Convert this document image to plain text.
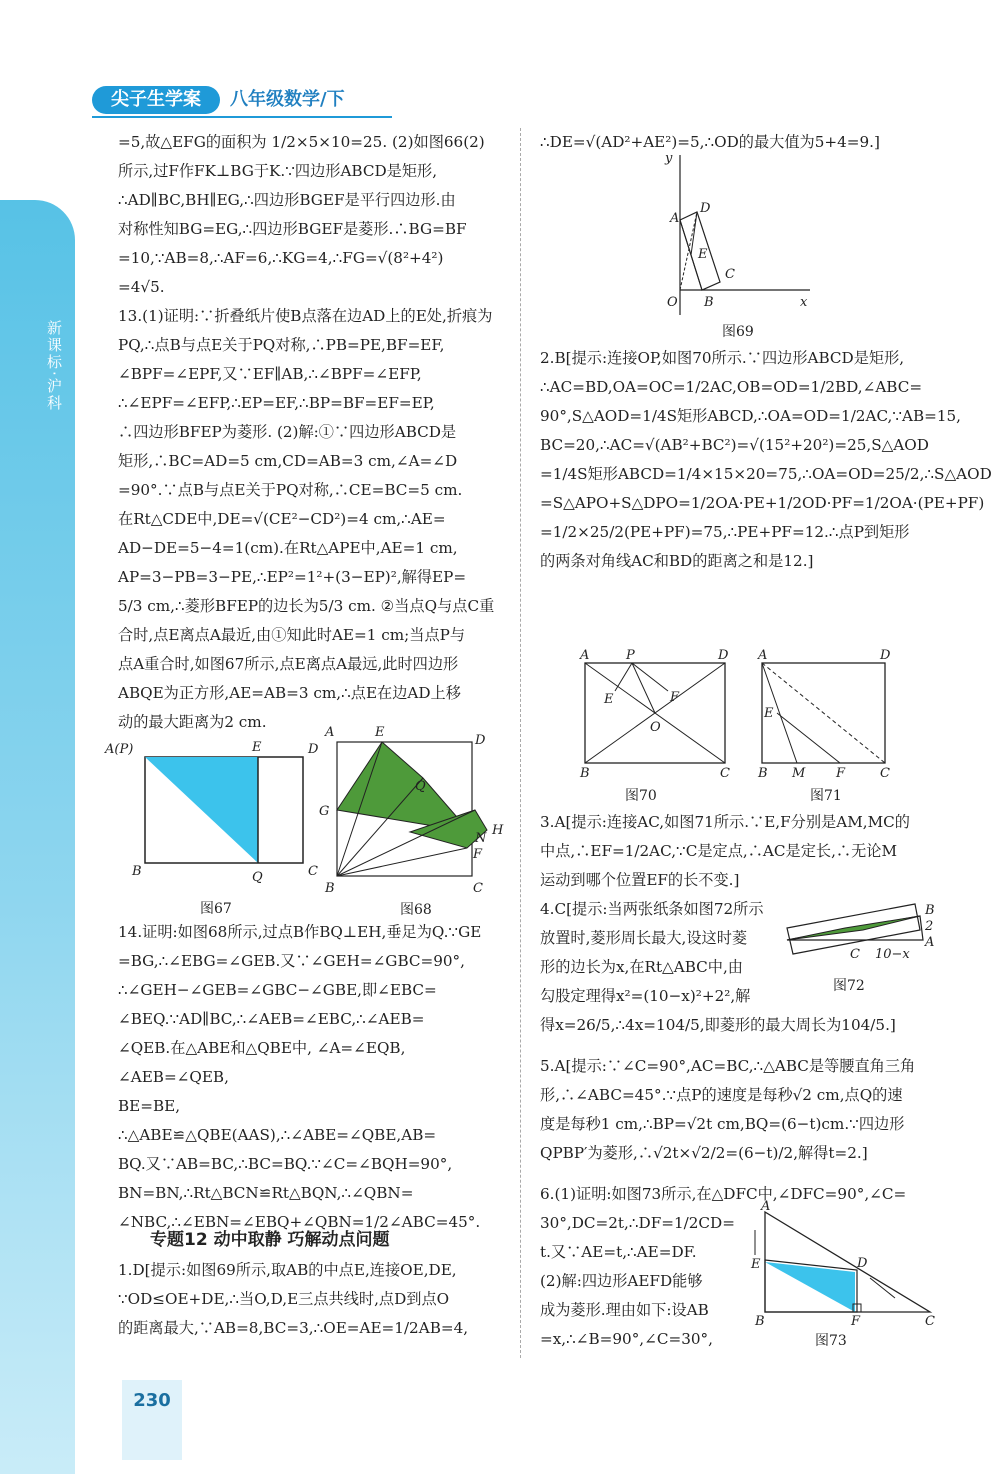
新课标·沪科
尖子生学案	八年级数学/下

=5,故△EFG的面积为 1/2×5×10=25. (2)如图66(2)

所示,过F作FK⊥BG于K.∵四边形ABCD是矩形,

∴AD∥BC,BH∥EG,∴四边形BGEF是平行四边形.由

对称性知BG=EG,∴四边形BGEF是菱形.∴BG=BF

=10,∵AB=8,∴AF=6,∴KG=4,∴FG=√(8²+4²)

=4√5.

13.(1)证明:∵折叠纸片使B点落在边AD上的E处,折痕为

PQ,∴点B与点E关于PQ对称,∴PB=PE,BF=EF,

∠BPF=∠EPF,又∵EF∥AB,∴∠BPF=∠EFP,

∴∠EPF=∠EFP,∴EP=EF,∴BP=BF=EF=EP,

∴四边形BFEP为菱形. (2)解:①∵四边形ABCD是

矩形,∴BC=AD=5 cm,CD=AB=3 cm,∠A=∠D

=90°.∵点B与点E关于PQ对称,∴CE=BC=5 cm.

在Rt△CDE中,DE=√(CE²−CD²)=4 cm,∴AE=

AD−DE=5−4=1(cm).在Rt△APE中,AE=1 cm,

AP=3−PB=3−PE,∴EP²=1²+(3−EP)²,解得EP=

5/3 cm,∴菱形BFEP的边长为5/3 cm. ②当点Q与点C重

合时,点E离点A最近,由①知此时AE=1 cm;当点P与

点A重合时,如图67所示,点E离点A最远,此时四边形

ABQE为正方形,AE=AB=3 cm,∴点E在边AD上移

动的最大距离为2 cm.

A(P)	E	D
B	Q	C
图67
A	E
D
Q
G
N
H
F
B	C
图68

14.证明:如图68所示,过点B作BQ⊥EH,垂足为Q.∵GE

=BG,∴∠EBG=∠GEB.又∵∠GEH=∠GBC=90°,

∴∠GEH−∠GEB=∠GBC−∠GBE,即∠EBC=

∠BEQ.∵AD∥BC,∴∠AEB=∠EBC,∴∠AEB=

∠QEB.在△ABE和△QBE中, ∠A=∠EQB,

∠AEB=∠QEB,

BE=BE,

∴△ABE≌△QBE(AAS),∴∠ABE=∠QBE,AB=

BQ.又∵AB=BC,∴BC=BQ.∵∠C=∠BQH=90°,

BN=BN,∴Rt△BCN≌Rt△BQN,∴∠QBN=

∠NBC,∴∠EBN=∠EBQ+∠QBN=1/2∠ABC=45°.

专题12 动中取静 巧解动点问题

1.D[提示:如图69所示,取AB的中点E,连接OE,DE,

∵OD≤OE+DE,∴当O,D,E三点共线时,点D到点O

的距离最大,∵AB=8,BC=3,∴OE=AE=1/2AB=4,

∴DE=√(AD²+AE²)=5,∴OD的最大值为5+4=9.]

y
A
D
E
C
O B	x
图69

2.B[提示:连接OP,如图70所示.∵四边形ABCD是矩形,

∴AC=BD,OA=OC=1/2AC,OB=OD=1/2BD,∠ABC=

90°,S△AOD=1/4S矩形ABCD,∴OA=OD=1/2AC,∵AB=15,

BC=20,∴AC=√(AB²+BC²)=√(15²+20²)=25,S△AOD

=1/4S矩形ABCD=1/4×15×20=75,∴OA=OD=25/2,∴S△AOD

=S△APO+S△DPO=1/2OA·PE+1/2OD·PF=1/2OA·(PE+PF)

=1/2×25/2(PE+PF)=75,∴PE+PF=12.∴点P到矩形

的两条对角线AC和BD的距离之和是12.]

A	P	D
E	F
O
B	C
图70
A	D
E
B M F	C
图71

3.A[提示:连接AC,如图71所示.∵E,F分别是AM,MC的

中点,∴EF=1/2AC,∵C是定点,∴AC是定长,∴无论M

运动到哪个位置EF的长不变.]

4.C[提示:当两张纸条如图72所示

放置时,菱形周长最大,设这时菱

形的边长为x,在Rt△ABC中,由

勾股定理得x²=(10−x)²+2²,解

得x=26/5,∴4x=104/5,即菱形的最大周长为104/5.]

B
2
A
C 10−x
图72

5.A[提示:∵∠C=90°,AC=BC,∴△ABC是等腰直角三角

形,∴∠ABC=45°.∵点P的速度是每秒√2 cm,点Q的速

度是每秒1 cm,∴BP=√2t cm,BQ=(6−t)cm.∵四边形

QPBP′为菱形,∴√2t×√2/2=(6−t)/2,解得t=2.]

6.(1)证明:如图73所示,在△DFC中,∠DFC=90°,∠C=

30°,DC=2t,∴DF=1/2CD=

t.又∵AE=t,∴AE=DF.

(2)解:四边形AEFD能够

成为菱形.理由如下:设AB

=x,∴∠B=90°,∠C=30°,

A
D
E
B	F	C
图73
230
